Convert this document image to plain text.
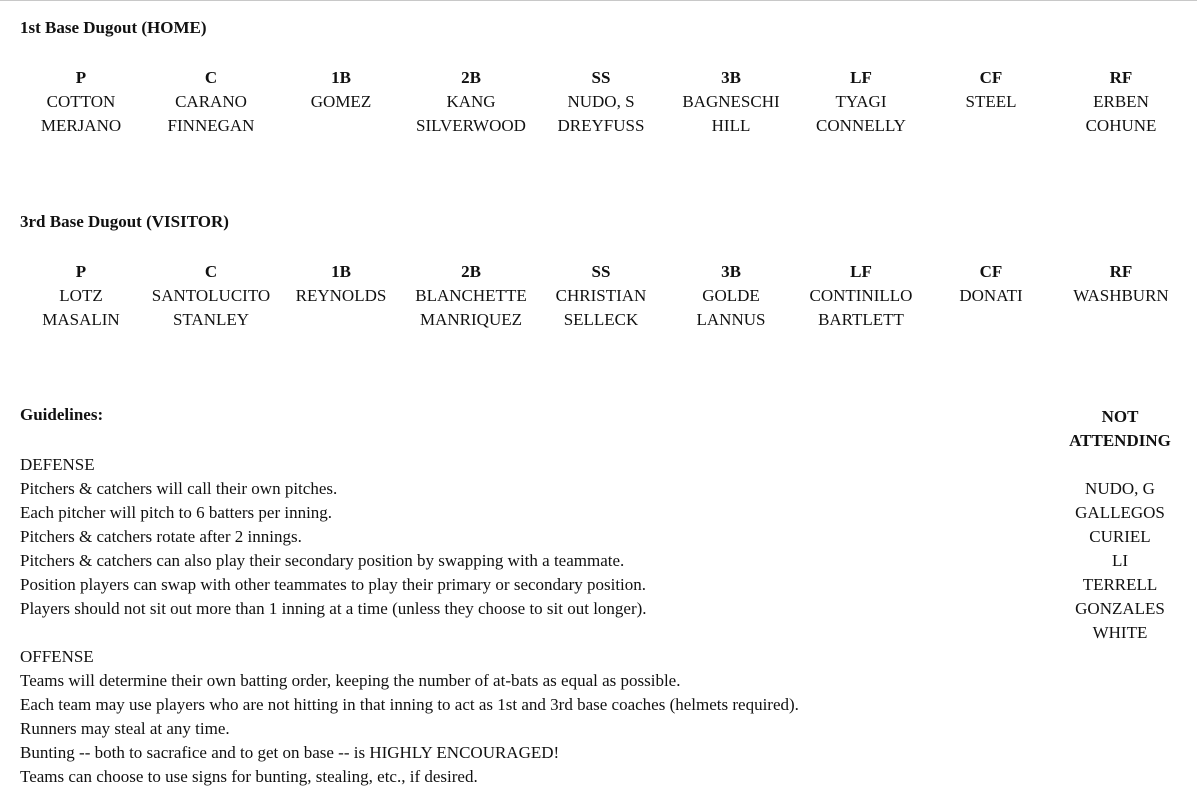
1st Base Dugout (HOME)
P
COTTON
MERJANO
C
CARANO
FINNEGAN
1B
GOMEZ
2B
KANG
SILVERWOOD
SS
NUDO, S
DREYFUSS
3B
BAGNESCHI
HILL
LF
TYAGI
CONNELLY
CF
STEEL
RF
ERBEN
COHUNE
3rd Base Dugout (VISITOR)
P
LOTZ
MASALIN
C
SANTOLUCITO
STANLEY
1B
REYNOLDS
2B
BLANCHETTE
MANRIQUEZ
SS
CHRISTIAN
SELLECK
3B
GOLDE
LANNUS
LF
CONTINILLO
BARTLETT
CF
DONATI
RF
WASHBURN
Guidelines:
DEFENSE
Pitchers & catchers will call their own pitches.
Each pitcher will pitch to 6 batters per inning.
Pitchers & catchers rotate after 2 innings.
Pitchers & catchers can also play their secondary position by swapping with a teammate.
Position players can swap with other teammates to play their primary or secondary position.
Players should not sit out more than 1 inning at a time (unless they choose to sit out longer).
OFFENSE
Teams will determine their own batting order, keeping the number of at-bats as equal as possible.
Each team may use players who are not hitting in that inning to act as 1st and 3rd base coaches (helmets required).
Runners may steal at any time.
Bunting -- both to sacrafice and to get on base -- is HIGHLY ENCOURAGED!
Teams can choose to use signs for bunting, stealing, etc., if desired.
NOT
ATTENDING
NUDO, G
GALLEGOS
CURIEL
LI
TERRELL
GONZALES
WHITE
